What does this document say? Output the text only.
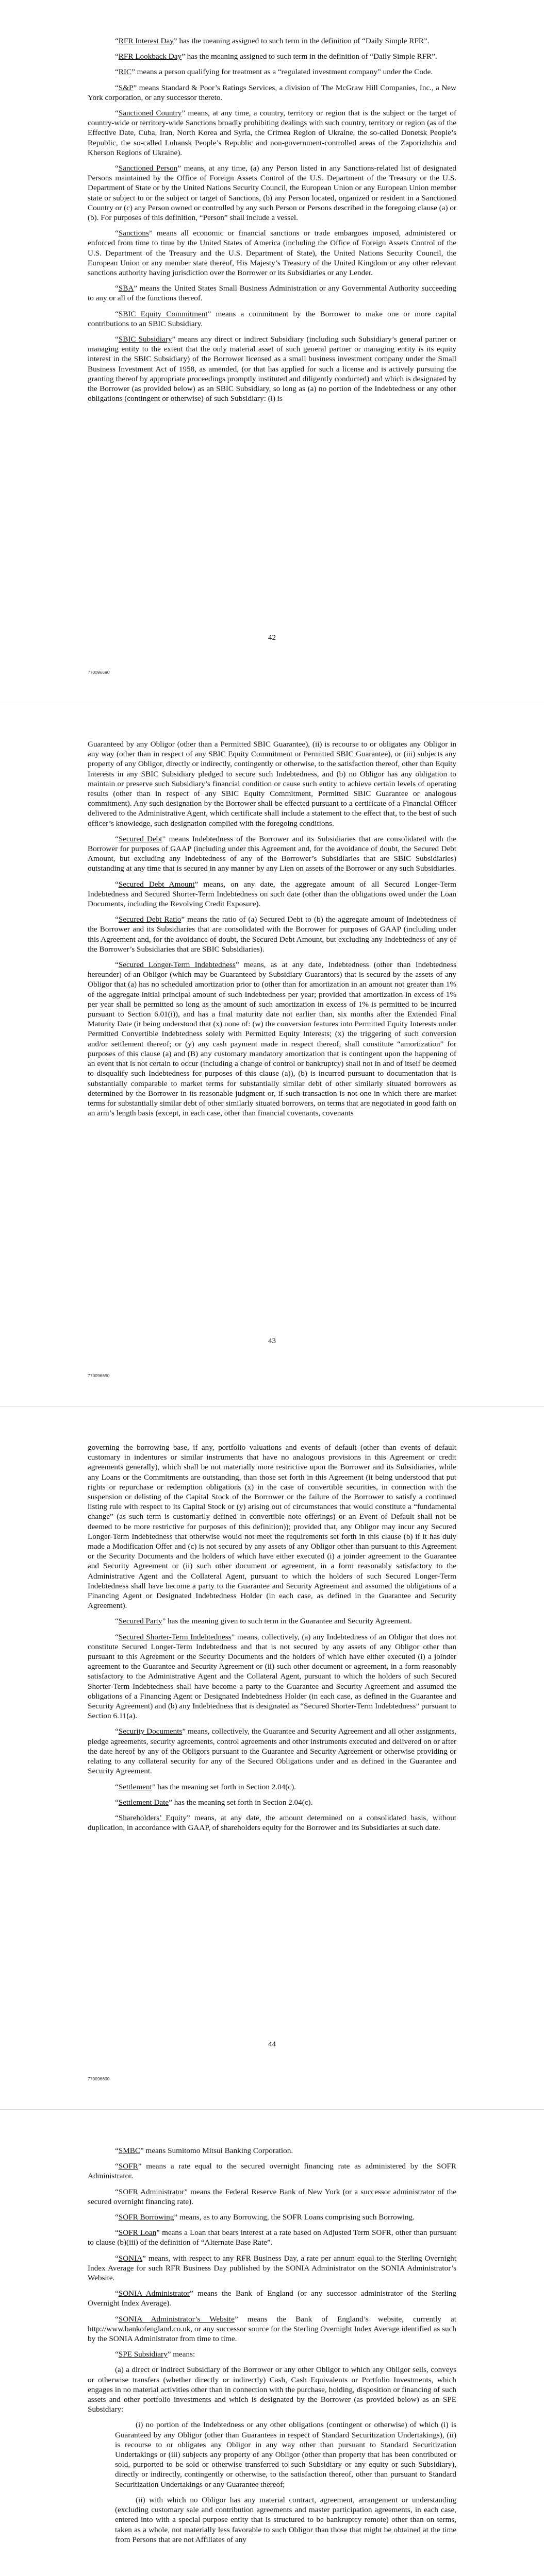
“RFR Interest Day” has the meaning assigned to such term in the definition of “Daily Simple RFR”.

“RFR Lookback Day” has the meaning assigned to such term in the definition of “Daily Simple RFR”.

“RIC” means a person qualifying for treatment as a “regulated investment company” under the Code.

“S&P” means Standard & Poor’s Ratings Services, a division of The McGraw Hill Companies, Inc., a New York corporation, or any successor thereto.

“Sanctioned Country” means, at any time, a country, territory or region that is the subject or the target of country-wide or territory-wide Sanctions broadly prohibiting dealings with such country, territory or region (as of the Effective Date, Cuba, Iran, North Korea and Syria, the Crimea Region of Ukraine, the so-called Donetsk People’s Republic, the so-called Luhansk People’s Republic and non-government-controlled areas of the Zaporizhzhia and Kherson Regions of Ukraine).

“Sanctioned Person” means, at any time, (a) any Person listed in any Sanctions-related list of designated Persons maintained by the Office of Foreign Assets Control of the U.S. Department of the Treasury or the U.S. Department of State or by the United Nations Security Council, the European Union or any European Union member state or subject to or the subject or target of Sanctions, (b) any Person located, organized or resident in a Sanctioned Country or (c) any Person owned or controlled by any such Person or Persons described in the foregoing clause (a) or (b). For purposes of this definition, “Person” shall include a vessel.

“Sanctions” means all economic or financial sanctions or trade embargoes imposed, administered or enforced from time to time by the United States of America (including the Office of Foreign Assets Control of the U.S. Department of the Treasury and the U.S. Department of State), the United Nations Security Council, the European Union or any member state thereof, His Majesty’s Treasury of the United Kingdom or any other relevant sanctions authority having jurisdiction over the Borrower or its Subsidiaries or any Lender.

“SBA” means the United States Small Business Administration or any Governmental Authority succeeding to any or all of the functions thereof.

“SBIC Equity Commitment” means a commitment by the Borrower to make one or more capital contributions to an SBIC Subsidiary.

“SBIC Subsidiary” means any direct or indirect Subsidiary (including such Subsidiary’s general partner or managing entity to the extent that the only material asset of such general partner or managing entity is its equity interest in the SBIC Subsidiary) of the Borrower licensed as a small business investment company under the Small Business Investment Act of 1958, as amended, (or that has applied for such a license and is actively pursuing the granting thereof by appropriate proceedings promptly instituted and diligently conducted) and which is designated by the Borrower (as provided below) as an SBIC Subsidiary, so long as (a) no portion of the Indebtedness or any other obligations (contingent or otherwise) of such Subsidiary: (i) is

42
770096690

Guaranteed by any Obligor (other than a Permitted SBIC Guarantee), (ii) is recourse to or obligates any Obligor in any way (other than in respect of any SBIC Equity Commitment or Permitted SBIC Guarantee), or (iii) subjects any property of any Obligor, directly or indirectly, contingently or otherwise, to the satisfaction thereof, other than Equity Interests in any SBIC Subsidiary pledged to secure such Indebtedness, and (b) no Obligor has any obligation to maintain or preserve such Subsidiary’s financial condition or cause such entity to achieve certain levels of operating results (other than in respect of any SBIC Equity Commitment, Permitted SBIC Guarantee or analogous commitment). Any such designation by the Borrower shall be effected pursuant to a certificate of a Financial Officer delivered to the Administrative Agent, which certificate shall include a statement to the effect that, to the best of such officer’s knowledge, such designation complied with the foregoing conditions.

“Secured Debt” means Indebtedness of the Borrower and its Subsidiaries that are consolidated with the Borrower for purposes of GAAP (including under this Agreement and, for the avoidance of doubt, the Secured Debt Amount, but excluding any Indebtedness of any of the Borrower’s Subsidiaries that are SBIC Subsidiaries) outstanding at any time that is secured in any manner by any Lien on assets of the Borrower or any such Subsidiaries.

“Secured Debt Amount” means, on any date, the aggregate amount of all Secured Longer-Term Indebtedness and Secured Shorter-Term Indebtedness on such date (other than the obligations owed under the Loan Documents, including the Revolving Credit Exposure).

“Secured Debt Ratio” means the ratio of (a) Secured Debt to (b) the aggregate amount of Indebtedness of the Borrower and its Subsidiaries that are consolidated with the Borrower for purposes of GAAP (including under this Agreement and, for the avoidance of doubt, the Secured Debt Amount, but excluding any Indebtedness of any of the Borrower’s Subsidiaries that are SBIC Subsidiaries).

“Secured Longer-Term Indebtedness” means, as at any date, Indebtedness (other than Indebtedness hereunder) of an Obligor (which may be Guaranteed by Subsidiary Guarantors) that is secured by the assets of any Obligor that (a) has no scheduled amortization prior to (other than for amortization in an amount not greater than 1% of the aggregate initial principal amount of such Indebtedness per year; provided that amortization in excess of 1% per year shall be permitted so long as the amount of such amortization in excess of 1% is permitted to be incurred pursuant to Section 6.01(i)), and has a final maturity date not earlier than, six months after the Extended Final Maturity Date (it being understood that (x) none of: (w) the conversion features into Permitted Equity Interests under Permitted Convertible Indebtedness solely with Permitted Equity Interests; (x) the triggering of such conversion and/or settlement thereof; or (y) any cash payment made in respect thereof, shall constitute “amortization” for purposes of this clause (a) and (B) any customary mandatory amortization that is contingent upon the happening of an event that is not certain to occur (including a change of control or bankruptcy) shall not in and of itself be deemed to disqualify such Indebtedness for purposes of this clause (a)), (b) is incurred pursuant to documentation that is substantially comparable to market terms for substantially similar debt of other similarly situated borrowers as determined by the Borrower in its reasonable judgment or, if such transaction is not one in which there are market terms for substantially similar debt of other similarly situated borrowers, on terms that are negotiated in good faith on an arm’s length basis (except, in each case, other than financial covenants, covenants

43
770096690

governing the borrowing base, if any, portfolio valuations and events of default (other than events of default customary in indentures or similar instruments that have no analogous provisions in this Agreement or credit agreements generally), which shall be not materially more restrictive upon the Borrower and its Subsidiaries, while any Loans or the Commitments are outstanding, than those set forth in this Agreement (it being understood that put rights or repurchase or redemption obligations (x) in the case of convertible securities, in connection with the suspension or delisting of the Capital Stock of the Borrower or the failure of the Borrower to satisfy a continued listing rule with respect to its Capital Stock or (y) arising out of circumstances that would constitute a “fundamental change” (as such term is customarily defined in convertible note offerings) or an Event of Default shall not be deemed to be more restrictive for purposes of this definition)); provided that, any Obligor may incur any Secured Longer-Term Indebtedness that otherwise would not meet the requirements set forth in this clause (b) if it has duly made a Modification Offer and (c) is not secured by any assets of any Obligor other than pursuant to this Agreement or the Security Documents and the holders of which have either executed (i) a joinder agreement to the Guarantee and Security Agreement or (ii) such other document or agreement, in a form reasonably satisfactory to the Administrative Agent and the Collateral Agent, pursuant to which the holders of such Secured Longer-Term Indebtedness shall have become a party to the Guarantee and Security Agreement and assumed the obligations of a Financing Agent or Designated Indebtedness Holder (in each case, as defined in the Guarantee and Security Agreement).

“Secured Party” has the meaning given to such term in the Guarantee and Security Agreement.

“Secured Shorter-Term Indebtedness” means, collectively, (a) any Indebtedness of an Obligor that does not constitute Secured Longer-Term Indebtedness and that is not secured by any assets of any Obligor other than pursuant to this Agreement or the Security Documents and the holders of which have either executed (i) a joinder agreement to the Guarantee and Security Agreement or (ii) such other document or agreement, in a form reasonably satisfactory to the Administrative Agent and the Collateral Agent, pursuant to which the holders of such Secured Shorter-Term Indebtedness shall have become a party to the Guarantee and Security Agreement and assumed the obligations of a Financing Agent or Designated Indebtedness Holder (in each case, as defined in the Guarantee and Security Agreement) and (b) any Indebtedness that is designated as “Secured Shorter-Term Indebtedness” pursuant to Section 6.11(a).

“Security Documents” means, collectively, the Guarantee and Security Agreement and all other assignments, pledge agreements, security agreements, control agreements and other instruments executed and delivered on or after the date hereof by any of the Obligors pursuant to the Guarantee and Security Agreement or otherwise providing or relating to any collateral security for any of the Secured Obligations under and as defined in the Guarantee and Security Agreement.

“Settlement” has the meaning set forth in Section 2.04(c).

“Settlement Date” has the meaning set forth in Section 2.04(c).

“Shareholders’ Equity” means, at any date, the amount determined on a consolidated basis, without duplication, in accordance with GAAP, of shareholders equity for the Borrower and its Subsidiaries at such date.

44
770096690

“SMBC” means Sumitomo Mitsui Banking Corporation.

“SOFR” means a rate equal to the secured overnight financing rate as administered by the SOFR Administrator.

“SOFR Administrator” means the Federal Reserve Bank of New York (or a successor administrator of the secured overnight financing rate).

“SOFR Borrowing” means, as to any Borrowing, the SOFR Loans comprising such Borrowing.

“SOFR Loan” means a Loan that bears interest at a rate based on Adjusted Term SOFR, other than pursuant to clause (b)(iii) of the definition of “Alternate Base Rate”.

“SONIA” means, with respect to any RFR Business Day, a rate per annum equal to the Sterling Overnight Index Average for such RFR Business Day published by the SONIA Administrator on the SONIA Administrator’s Website.

“SONIA Administrator” means the Bank of England (or any successor administrator of the Sterling Overnight Index Average).

“SONIA Administrator’s Website” means the Bank of England’s website, currently at http://www.bankofengland.co.uk, or any successor source for the Sterling Overnight Index Average identified as such by the SONIA Administrator from time to time.

“SPE Subsidiary” means:

(a) a direct or indirect Subsidiary of the Borrower or any other Obligor to which any Obligor sells, conveys or otherwise transfers (whether directly or indirectly) Cash, Cash Equivalents or Portfolio Investments, which engages in no material activities other than in connection with the purchase, holding, disposition or financing of such assets and other portfolio investments and which is designated by the Borrower (as provided below) as an SPE Subsidiary:

(i) no portion of the Indebtedness or any other obligations (contingent or otherwise) of which (i) is Guaranteed by any Obligor (other than Guarantees in respect of Standard Securitization Undertakings), (ii) is recourse to or obligates any Obligor in any way other than pursuant to Standard Securitization Undertakings or (iii) subjects any property of any Obligor (other than property that has been contributed or sold, purported to be sold or otherwise transferred to such Subsidiary or any equity or such Subsidiary), directly or indirectly, contingently or otherwise, to the satisfaction thereof, other than pursuant to Standard Securitization Undertakings or any Guarantee thereof;

(ii) with which no Obligor has any material contract, agreement, arrangement or understanding (excluding customary sale and contribution agreements and master participation agreements, in each case, entered into with a special purpose entity that is structured to be bankruptcy remote) other than on terms, taken as a whole, not materially less favorable to such Obligor than those that might be obtained at the time from Persons that are not Affiliates of any
